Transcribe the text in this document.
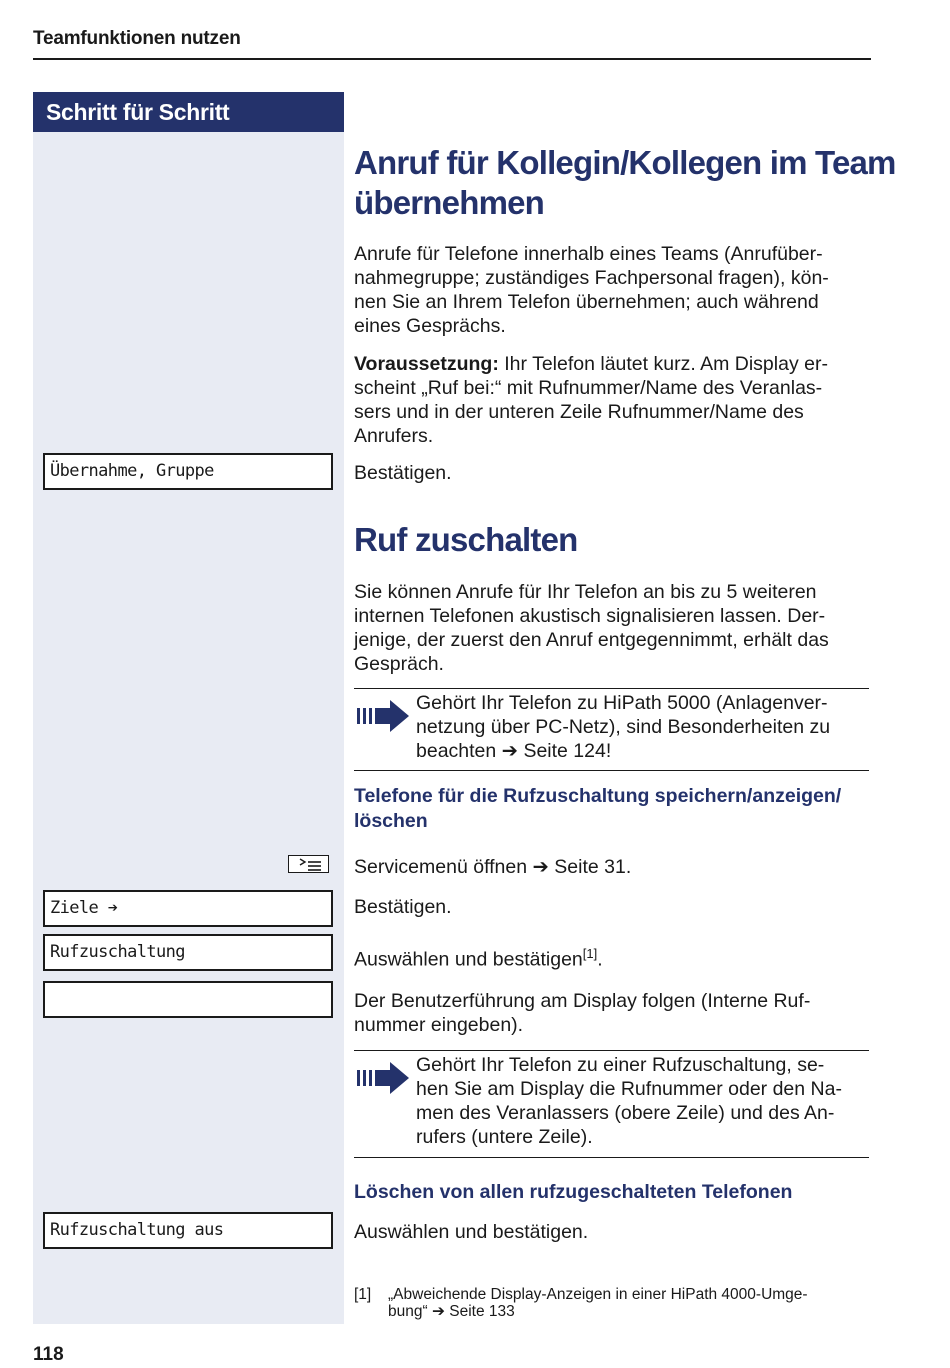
Teamfunktionen nutzen
Schritt für Schritt
Übernahme, Gruppe
Ziele ➔
Rufzuschaltung
Rufzuschaltung aus
Anruf für Kollegin/Kollegen im Team
übernehmen
Anrufe für Telefone innerhalb eines Teams (Anrufüber-
nahmegruppe; zuständiges Fachpersonal fragen), kön-
nen Sie an Ihrem Telefon übernehmen; auch während
eines Gesprächs.
Voraussetzung: Ihr Telefon läutet kurz. Am Display er-
scheint „Ruf bei:“ mit Rufnummer/Name des Veranlas-
sers und in der unteren Zeile Rufnummer/Name des
Anrufers.
Bestätigen.
Ruf zuschalten
Sie können Anrufe für Ihr Telefon an bis zu 5 weiteren
internen Telefonen akustisch signalisieren lassen. Der-
jenige, der zuerst den Anruf entgegennimmt, erhält das
Gespräch.
Gehört Ihr Telefon zu HiPath 5000 (Anlagenver-
netzung über PC-Netz), sind Besonderheiten zu
beachten ➔ Seite 124!
Telefone für die Rufzuschaltung speichern/anzeigen/
löschen
Servicemenü öffnen ➔ Seite 31.
Bestätigen.
Auswählen und bestätigen[1].
Der Benutzerführung am Display folgen (Interne Ruf-
nummer eingeben).
Gehört Ihr Telefon zu einer Rufzuschaltung, se-
hen Sie am Display die Rufnummer oder den Na-
men des Veranlassers (obere Zeile) und des An-
rufers (untere Zeile).
Löschen von allen rufzugeschalteten Telefonen
Auswählen und bestätigen.
[1] „Abweichende Display-Anzeigen in einer HiPath 4000-Umge-
bung“ ➔ Seite 133
118
